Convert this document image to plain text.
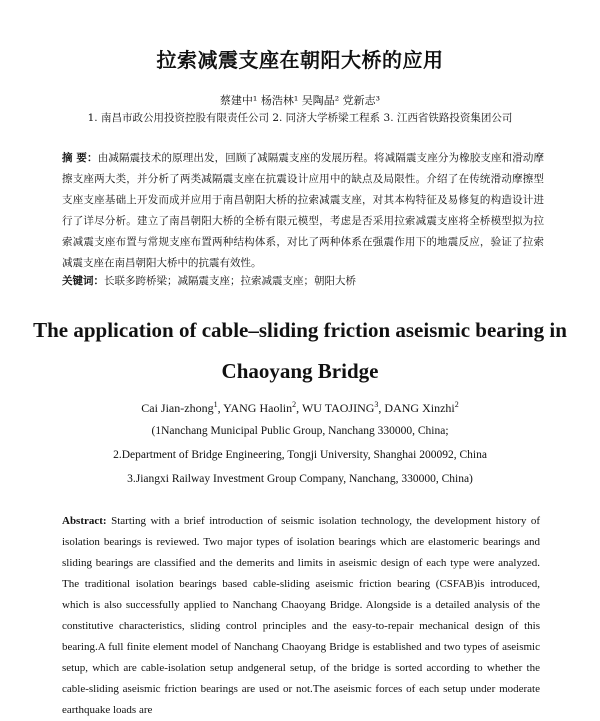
拉索减震支座在朝阳大桥的应用
蔡建中¹ 杨浩林¹ 吴陶晶² 党新志³
1. 南昌市政公用投资控股有限责任公司 2. 同济大学桥梁工程系 3. 江西省铁路投资集团公司
摘 要：由减隔震技术的原理出发，回顾了减隔震支座的发展历程。将减隔震支座分为橡胶支座和滑动摩擦支座两大类，并分析了两类减隔震支座在抗震设计应用中的缺点及局限性。介绍了在传统滑动摩擦型支座支座基础上开发而成并应用于南昌朝阳大桥的拉索减震支座，对其本构特征及易修复的构造设计进行了详尽分析。建立了南昌朝阳大桥的全桥有限元模型，考虑是否采用拉索减震支座将全桥模型拟为拉索减震支座布置与常规支座布置两种结构体系，对比了两种体系在强震作用下的地震反应，验证了拉索减震支座在南昌朝阳大桥中的抗震有效性。
关键词：长联多跨桥梁；减隔震支座；拉索减震支座；朝阳大桥
The application of cable–sliding friction aseismic bearing in
Chaoyang Bridge
Cai Jian-zhong$^1$, YANG Haolin$^2$, WU TAOJING$^3$, DANG Xinzhi$^2$
(1Nanchang Municipal Public Group, Nanchang 330000, China;
2.Department of Bridge Engineering, Tongji University, Shanghai 200092, China
3.Jiangxi Railway Investment Group Company, Nanchang, 330000, China)
Abstract: Starting with a brief introduction of seismic isolation technology, the development history of isolation bearings is reviewed. Two major types of isolation bearings which are elastomeric bearings and sliding bearings are classified and the demerits and limits in aseismic design of each type were analyzed. The traditional isolation bearings based cable-sliding aseismic friction bearing (CSFAB)is introduced, which is also successfully applied to Nanchang Chaoyang Bridge. Alongside is a detailed analysis of the constitutive characteristics, sliding control principles and the easy-to-repair mechanical design of this bearing.A full finite element model of Nanchang Chaoyang Bridge is established and two types of aseismic setup, which are cable-isolation setup andgeneral setup, of the bridge is sorted according to whether the cable-sliding aseismic friction bearings are used or not.The aseismic forces of each setup under moderate earthquake loads are
